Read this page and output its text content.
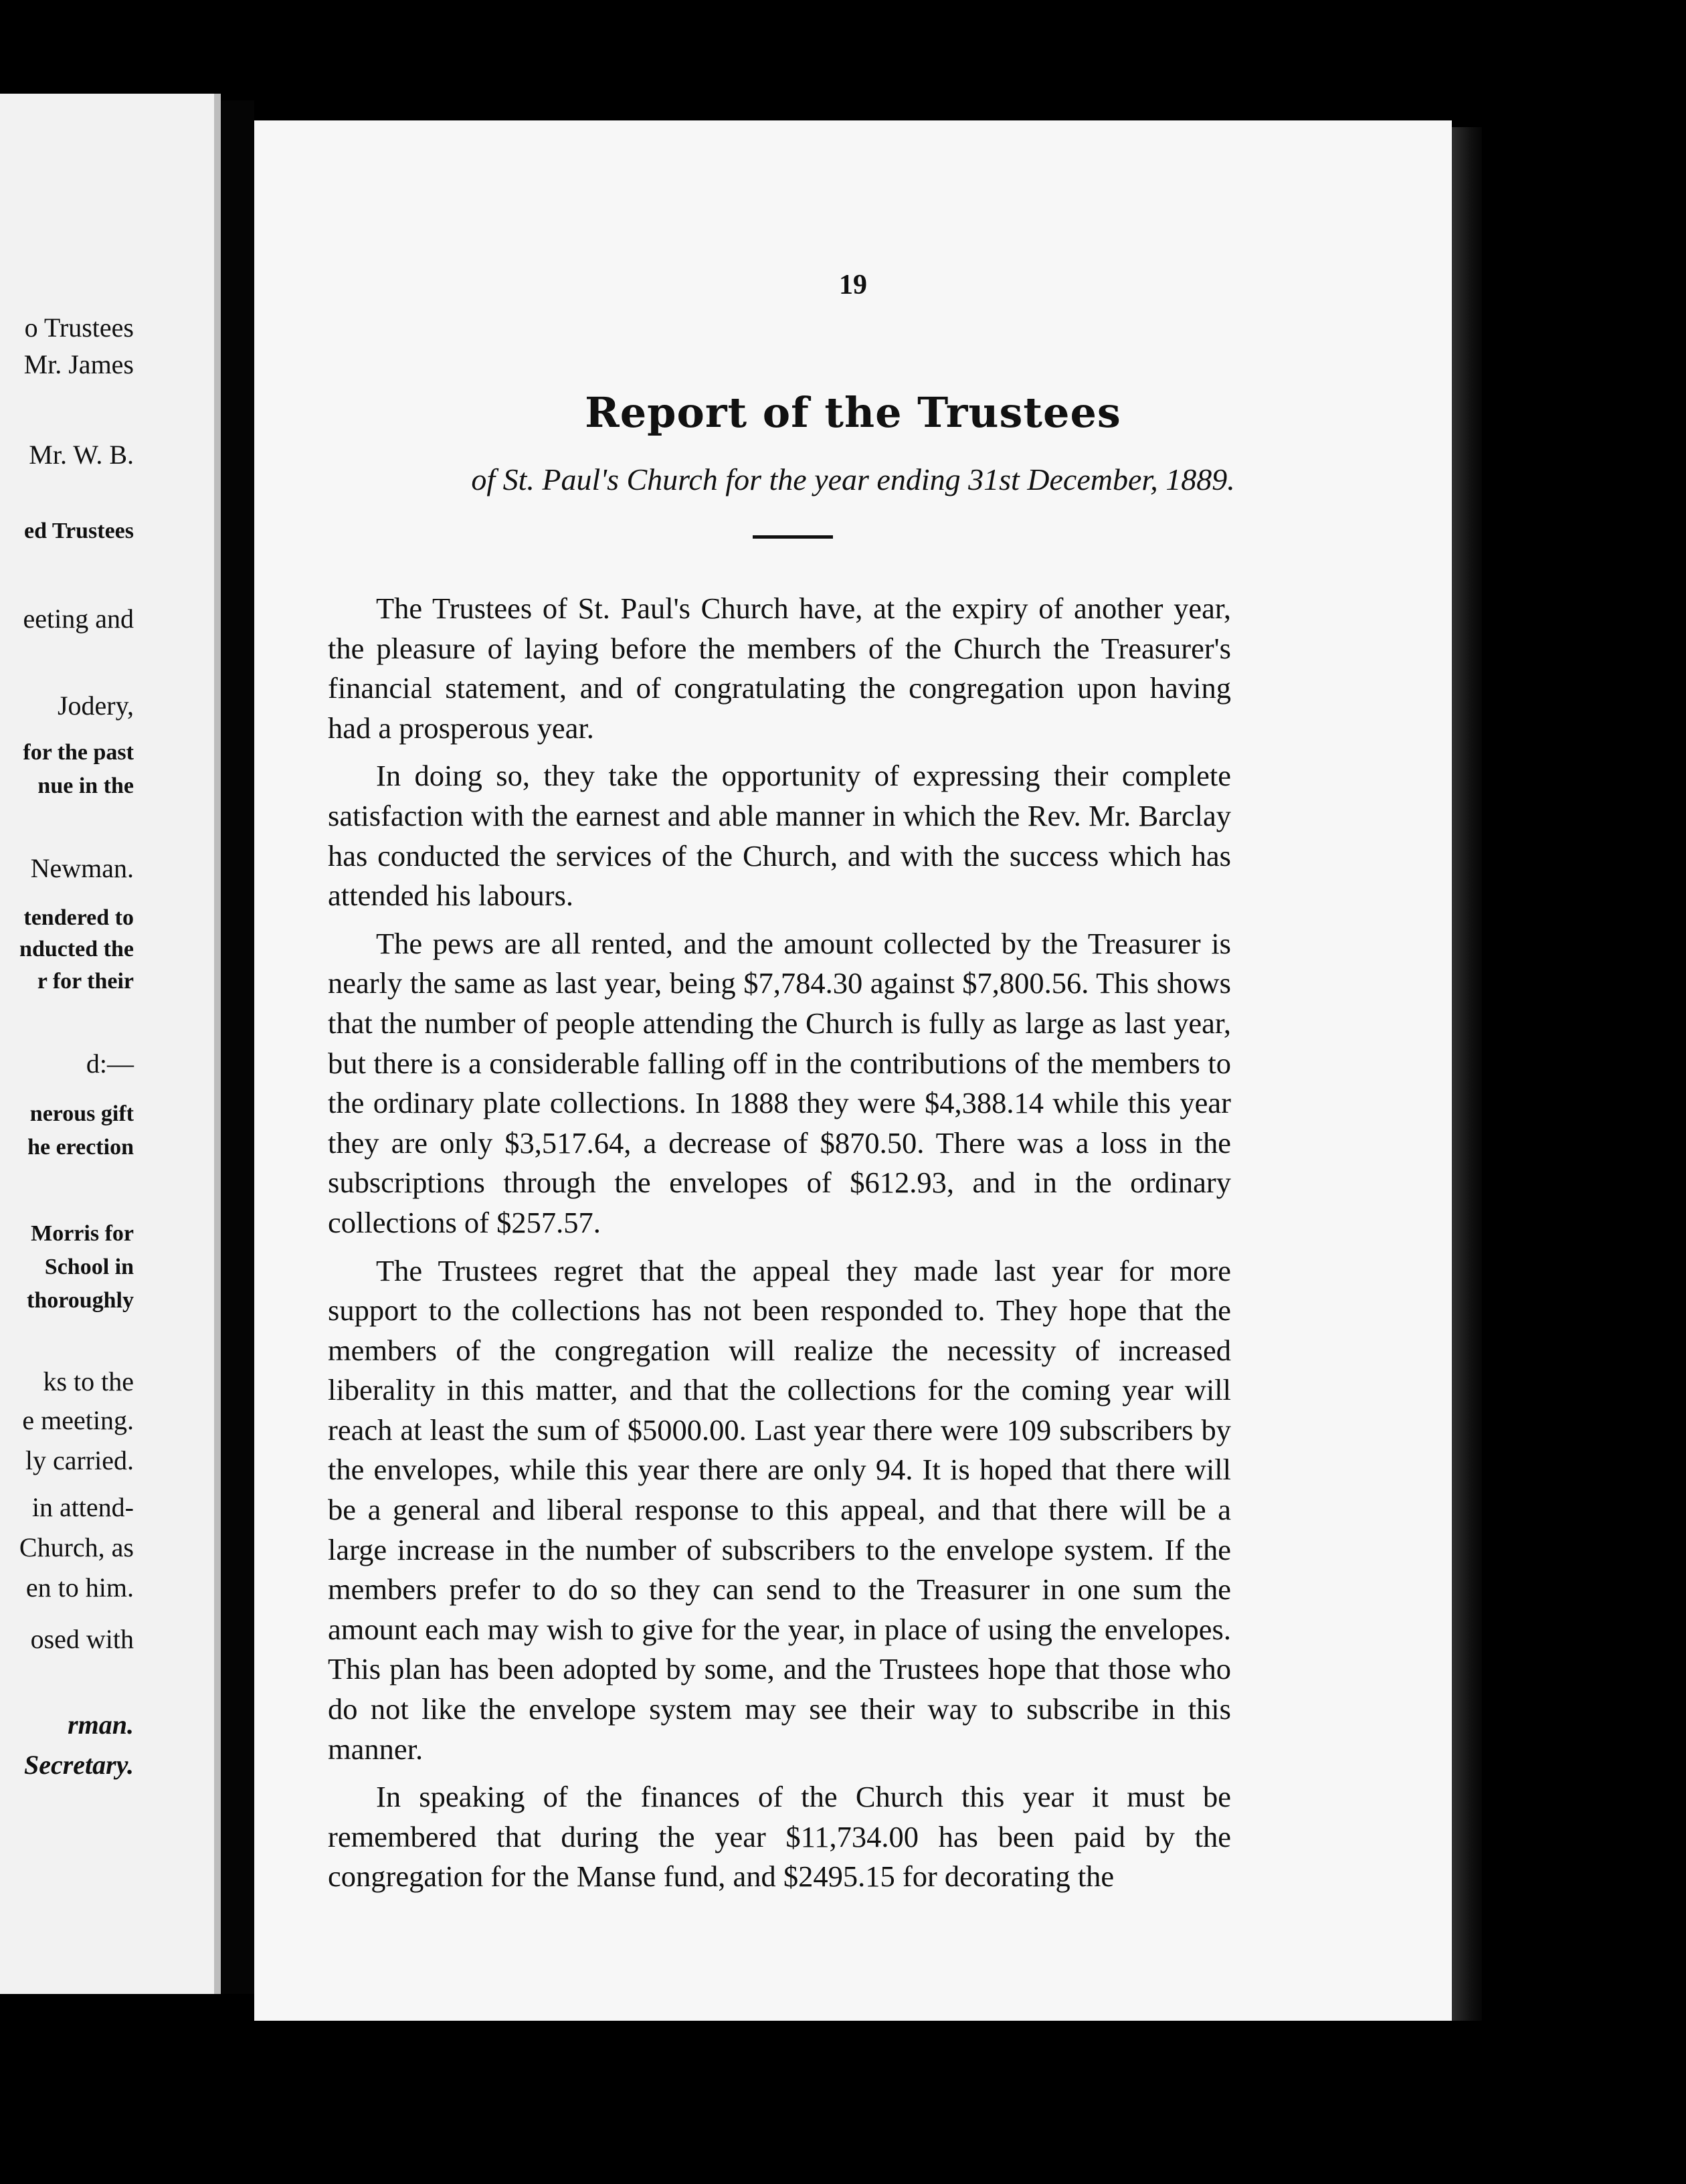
o Trustees
Mr. James
Mr. W. B.
ed Trustees
eeting and
Jodery,
for the past
nue in the
Newman.
tendered to
nducted the
r for their
d:—
nerous gift
he erection
Morris for
School in
thoroughly
ks to the
e meeting.
ly carried.
in attend-
Church, as
en to him.
osed with
rman.
Secretary.
19
Report of the Trustees
of St. Paul's Church for the year ending 31st December, 1889.

The Trustees of St. Paul's Church have, at the expiry of another year, the pleasure of laying before the members of the Church the Treasurer's financial statement, and of congratulating the congregation upon having had a prosperous year.

In doing so, they take the opportunity of expressing their complete satisfaction with the earnest and able manner in which the Rev. Mr. Barclay has conducted the services of the Church, and with the success which has attended his labours.

The pews are all rented, and the amount collected by the Treasurer is nearly the same as last year, being $7,784.30 against $7,800.56. This shows that the number of people attending the Church is fully as large as last year, but there is a considerable falling off in the contributions of the members to the ordinary plate collections. In 1888 they were $4,388.14 while this year they are only $3,517.64, a decrease of $870.50. There was a loss in the subscriptions through the envelopes of $612.93, and in the ordinary collections of $257.57.

The Trustees regret that the appeal they made last year for more support to the collections has not been responded to. They hope that the members of the congregation will realize the necessity of increased liberality in this matter, and that the collections for the coming year will reach at least the sum of $5000.00. Last year there were 109 subscribers by the envelopes, while this year there are only 94. It is hoped that there will be a general and liberal response to this appeal, and that there will be a large increase in the number of subscribers to the envelope system. If the members prefer to do so they can send to the Treasurer in one sum the amount each may wish to give for the year, in place of using the envelopes. This plan has been adopted by some, and the Trustees hope that those who do not like the envelope system may see their way to subscribe in this manner.

In speaking of the finances of the Church this year it must be remembered that during the year $11,734.00 has been paid by the congregation for the Manse fund, and $2495.15 for decorating the
